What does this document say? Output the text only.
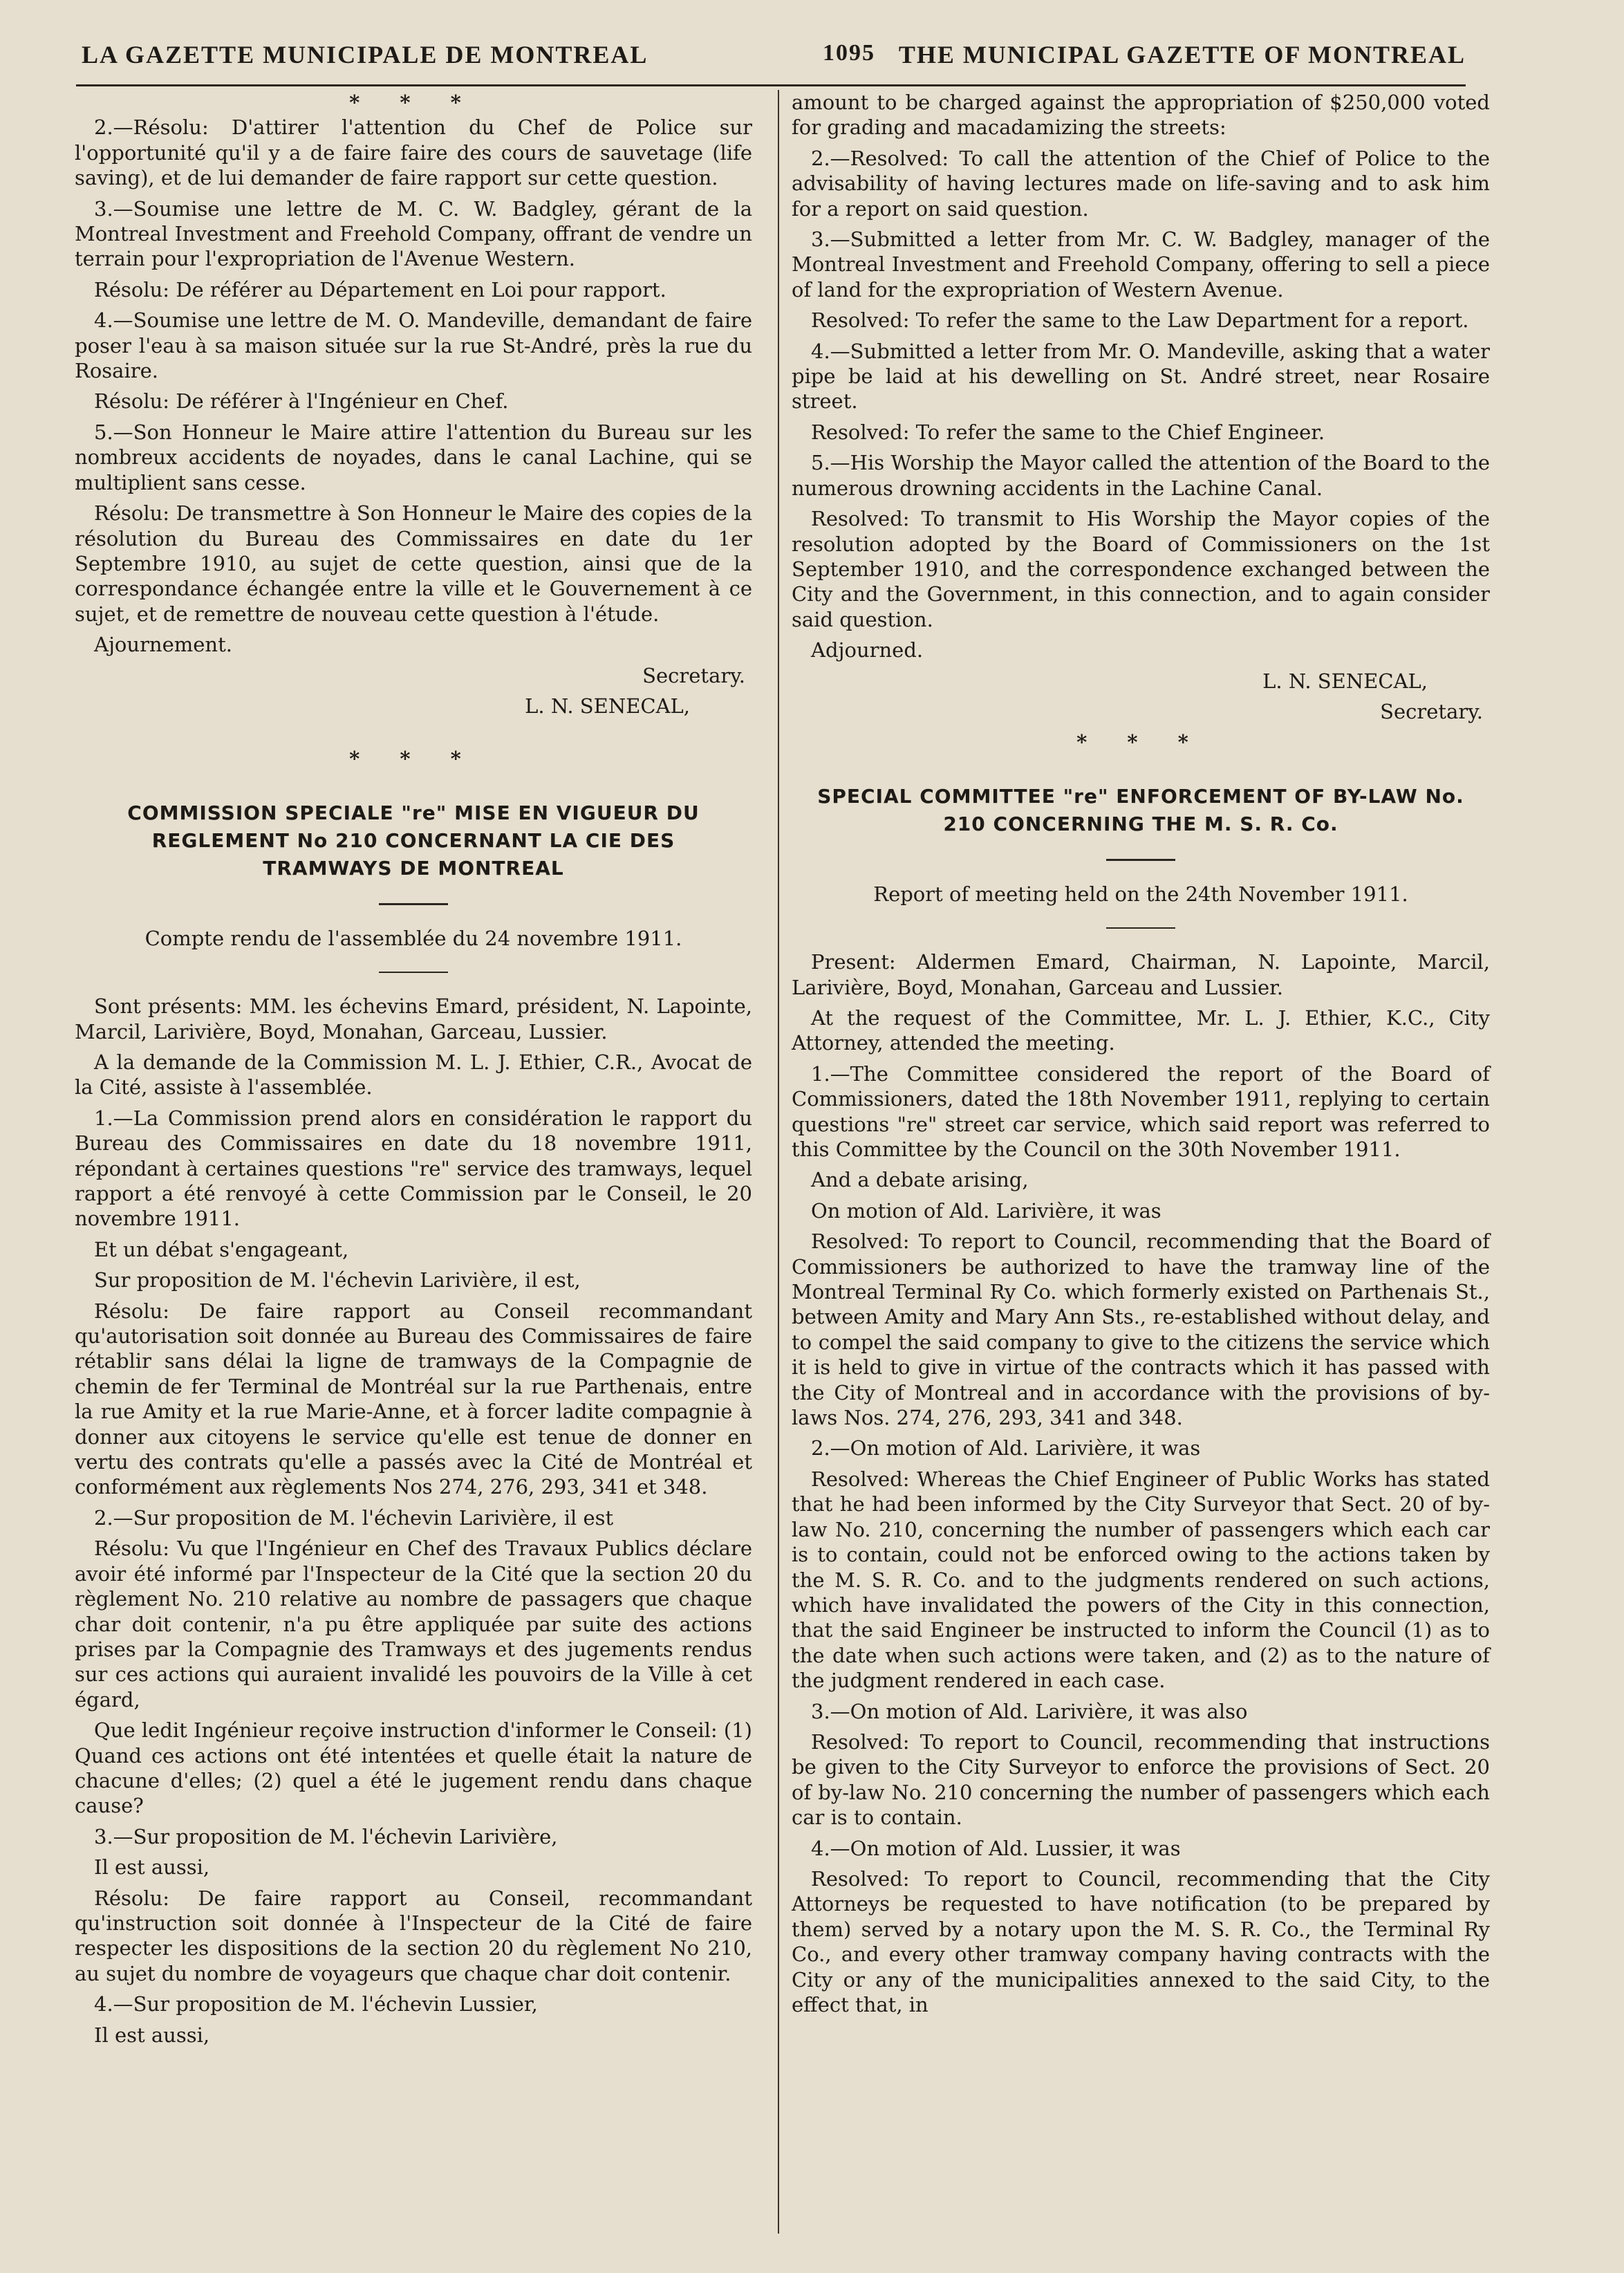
LA GAZETTE MUNICIPALE DE MONTREAL	1095 THE MUNICIPAL GAZETTE OF MONTREAL

* * *

2.—Résolu: D'attirer l'attention du Chef de Police sur l'opportunité qu'il y a de faire faire des cours de sauvetage (life saving), et de lui demander de faire rapport sur cette question.

3.—Soumise une lettre de M. C. W. Badgley, gérant de la Montreal Investment and Freehold Company, offrant de vendre un terrain pour l'expropriation de l'Avenue Western.

Résolu: De référer au Département en Loi pour rapport.

4.—Soumise une lettre de M. O. Mandeville, demandant de faire poser l'eau à sa maison située sur la rue St-André, près la rue du Rosaire.

Résolu: De référer à l'Ingénieur en Chef.

5.—Son Honneur le Maire attire l'attention du Bureau sur les nombreux accidents de noyades, dans le canal Lachine, qui se multiplient sans cesse.

Résolu: De transmettre à Son Honneur le Maire des copies de la résolution du Bureau des Commissaires en date du 1er Septembre 1910, au sujet de cette question, ainsi que de la correspondance échangée entre la ville et le Gouvernement à ce sujet, et de remettre de nouveau cette question à l'étude.

Ajournement.

Secretary.

L. N. SENECAL,

* * *

COMMISSION SPECIALE "re" MISE EN VIGUEUR DU REGLEMENT No 210 CONCERNANT LA CIE DES TRAMWAYS DE MONTREAL

Compte rendu de l'assemblée du 24 novembre 1911.

Sont présents: MM. les échevins Emard, président, N. Lapointe, Marcil, Larivière, Boyd, Monahan, Garceau, Lussier.

A la demande de la Commission M. L. J. Ethier, C.R., Avocat de la Cité, assiste à l'assemblée.

1.—La Commission prend alors en considération le rapport du Bureau des Commissaires en date du 18 novembre 1911, répondant à certaines questions "re" service des tramways, lequel rapport a été renvoyé à cette Commission par le Conseil, le 20 novembre 1911.

Et un débat s'engageant,

Sur proposition de M. l'échevin Larivière, il est,

Résolu: De faire rapport au Conseil recommandant qu'autorisation soit donnée au Bureau des Commissaires de faire rétablir sans délai la ligne de tramways de la Compagnie de chemin de fer Terminal de Montréal sur la rue Parthenais, entre la rue Amity et la rue Marie-Anne, et à forcer ladite compagnie à donner aux citoyens le service qu'elle est tenue de donner en vertu des contrats qu'elle a passés avec la Cité de Montréal et conformément aux règlements Nos 274, 276, 293, 341 et 348.

2.—Sur proposition de M. l'échevin Larivière, il est

Résolu: Vu que l'Ingénieur en Chef des Travaux Publics déclare avoir été informé par l'Inspecteur de la Cité que la section 20 du règlement No. 210 relative au nombre de passagers que chaque char doit contenir, n'a pu être appliquée par suite des actions prises par la Compagnie des Tramways et des jugements rendus sur ces actions qui auraient invalidé les pouvoirs de la Ville à cet égard,

Que ledit Ingénieur reçoive instruction d'informer le Conseil: (1) Quand ces actions ont été intentées et quelle était la nature de chacune d'elles; (2) quel a été le jugement rendu dans chaque cause?

3.—Sur proposition de M. l'échevin Larivière,

Il est aussi,

Résolu: De faire rapport au Conseil, recommandant qu'instruction soit donnée à l'Inspecteur de la Cité de faire respecter les dispositions de la section 20 du règlement No 210, au sujet du nombre de voyageurs que chaque char doit contenir.

4.—Sur proposition de M. l'échevin Lussier,

Il est aussi,

amount to be charged against the appropriation of $250,000 voted for grading and macadamizing the streets:

2.—Resolved: To call the attention of the Chief of Police to the advisability of having lectures made on life-saving and to ask him for a report on said question.

3.—Submitted a letter from Mr. C. W. Badgley, manager of the Montreal Investment and Freehold Company, offering to sell a piece of land for the expropriation of Western Avenue.

Resolved: To refer the same to the Law Department for a report.

4.—Submitted a letter from Mr. O. Mandeville, asking that a water pipe be laid at his dewelling on St. André street, near Rosaire street.

Resolved: To refer the same to the Chief Engineer.

5.—His Worship the Mayor called the attention of the Board to the numerous drowning accidents in the Lachine Canal.

Resolved: To transmit to His Worship the Mayor copies of the resolution adopted by the Board of Commissioners on the 1st September 1910, and the correspondence exchanged between the City and the Government, in this connection, and to again consider said question.

Adjourned.

L. N. SENECAL,

Secretary.

* * *

SPECIAL COMMITTEE "re" ENFORCEMENT OF BY-LAW No. 210 CONCERNING THE M. S. R. Co.

Report of meeting held on the 24th November 1911.

Present: Aldermen Emard, Chairman, N. Lapointe, Marcil, Larivière, Boyd, Monahan, Garceau and Lussier.

At the request of the Committee, Mr. L. J. Ethier, K.C., City Attorney, attended the meeting.

1.—The Committee considered the report of the Board of Commissioners, dated the 18th November 1911, replying to certain questions "re" street car service, which said report was referred to this Committee by the Council on the 30th November 1911.

And a debate arising,

On motion of Ald. Larivière, it was

Resolved: To report to Council, recommending that the Board of Commissioners be authorized to have the tramway line of the Montreal Terminal Ry Co. which formerly existed on Parthenais St., between Amity and Mary Ann Sts., re-established without delay, and to compel the said company to give to the citizens the service which it is held to give in virtue of the contracts which it has passed with the City of Montreal and in accordance with the provisions of by-laws Nos. 274, 276, 293, 341 and 348.

2.—On motion of Ald. Larivière, it was

Resolved: Whereas the Chief Engineer of Public Works has stated that he had been informed by the City Surveyor that Sect. 20 of by-law No. 210, concerning the number of passengers which each car is to contain, could not be enforced owing to the actions taken by the M. S. R. Co. and to the judgments rendered on such actions, which have invalidated the powers of the City in this connection, that the said Engineer be instructed to inform the Council (1) as to the date when such actions were taken, and (2) as to the nature of the judgment rendered in each case.

3.—On motion of Ald. Larivière, it was also

Resolved: To report to Council, recommending that instructions be given to the City Surveyor to enforce the provisions of Sect. 20 of by-law No. 210 concerning the number of passengers which each car is to contain.

4.—On motion of Ald. Lussier, it was

Resolved: To report to Council, recommending that the City Attorneys be requested to have notification (to be prepared by them) served by a notary upon the M. S. R. Co., the Terminal Ry Co., and every other tramway company having contracts with the City or any of the municipalities annexed to the said City, to the effect that, in
